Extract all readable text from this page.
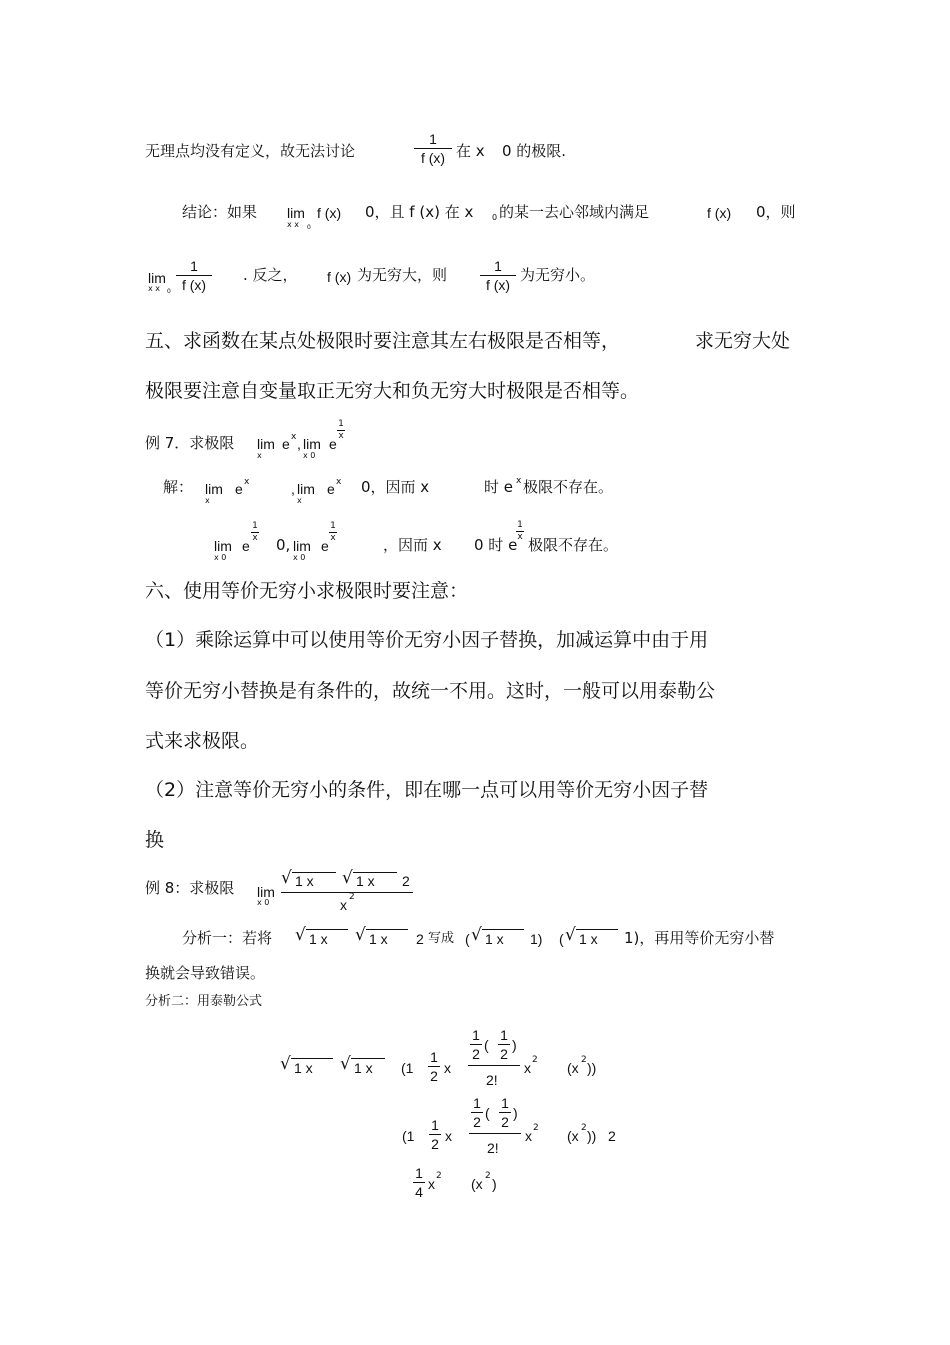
无理点均没有定义，故无法讨论
1
f (x) 在 x 0 的极限.
结论：如果 lim
x x 0
f (x) 0，且 f (x) 在 x 0 的某一去心邻域内满足	f (x) 0，则
lim
x x 0
1
f (x)
. 反之， f (x) 为无穷大，则	1
f (x)
为无穷小。
五、求函数在某点处极限时要注意其左右极限是否相等，	求无穷大处
极限要注意自变量取正无穷大和负无穷大时极限是否相等。
例 7．求极限 lim
x
e x , lim
x 0
e
1
x
解： lim
x
e x	, lim
x
e x 0，因而 x	时 e x 极限不存在。
lim
x 0
e
1
x 0, lim
x 0
e
1
x	，因而 x 0 时 e
1
x 极限不存在。
六、使用等价无穷小求极限时要注意：
（1）乘除运算中可以使用等价无穷小因子替换，加减运算中由于用
等价无穷小替换是有条件的，故统一不用。这时，一般可以用泰勒公
式来求极限。
（2）注意等价无穷小的条件，即在哪一点可以用等价无穷小因子替
换
例 8：求极限 lim
x 0
√ 1 x √ 1 x 2
x 2
分析一：若将 √ 1 x √ 1 x 2 写成 ( √ 1 x 1) ( √ 1 x 1)，再用等价无穷小替
换就会导致错误。
分析二：用泰勒公式
√ 1 x √ 1 x (1
1
2 x
1
2
(
1
2
)
2!
x 2 (x 2 ))
(1
1
2 x
1
2
(
1
2
)
2!
x 2 (x 2 ))   2
1
4 x 2 (x 2 )
